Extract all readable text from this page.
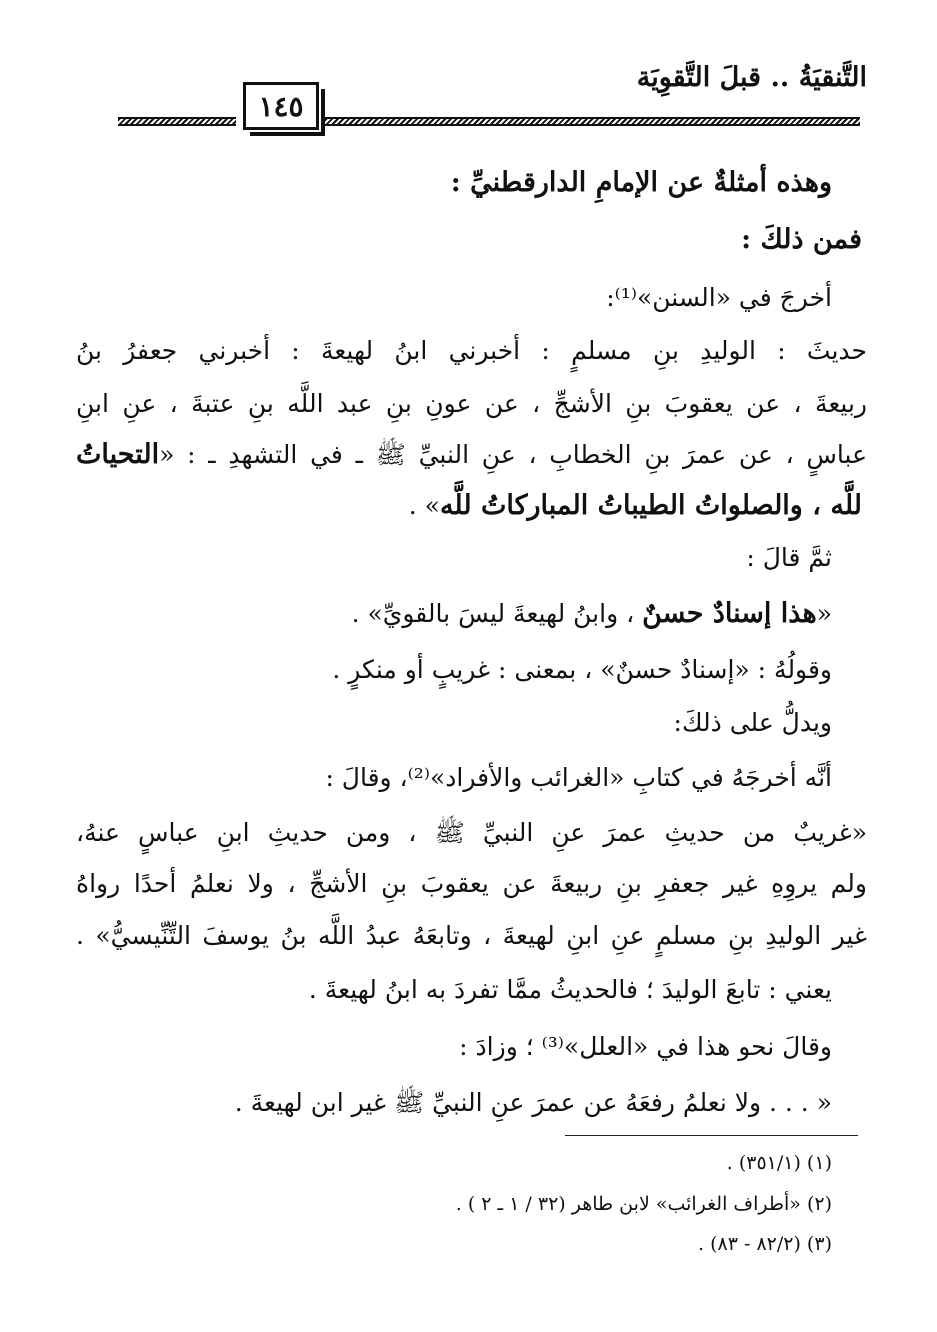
التَّنقيَةُ .. قبلَ التَّقوِيَة
١٤٥
وهذه أمثلةٌ عن الإمامِ الدارقطنيِّ :
فمن ذلكَ :
أخرجَ في «السنن»⁽¹⁾:
حديثَ : الوليدِ بنِ مسلمٍ : أخبرني ابنُ لهيعةَ : أخبرني جعفرُ بنُ
ربيعةَ ، عن يعقوبَ بنِ الأشجِّ ، عن عونِ بنِ عبد اللَّه بنِ عتبةَ ، عنِ ابنِ
عباسٍ ، عن عمرَ بنِ الخطابِ ، عنِ النبيِّ ﷺ ـ في التشهدِ ـ : «التحياتُ
للَّه ، والصلواتُ الطيباتُ المباركاتُ للَّه» .
ثمَّ قالَ :
«هذا إسنادٌ حسنٌ ، وابنُ لهيعةَ ليسَ بالقويِّ» .
وقولُهُ : «إسنادٌ حسنٌ» ، بمعنى : غريبٍ أو منكرٍ .
ويدلُّ على ذلكَ:
أنَّه أخرجَهُ في كتابِ «الغرائب والأفراد»⁽²⁾، وقالَ :
«غريبٌ من حديثِ عمرَ عنِ النبيِّ ﷺ ، ومن حديثِ ابنِ عباسٍ عنهُ،
ولم يروِهِ غير جعفرِ بنِ ربيعةَ عن يعقوبَ بنِ الأشجِّ ، ولا نعلمُ أحدًا رواهُ
غير الوليدِ بنِ مسلمٍ عنِ ابنِ لهيعةَ ، وتابعَهُ عبدُ اللَّه بنُ يوسفَ التِّنِّيسيُّ» .
يعني : تابعَ الوليدَ ؛ فالحديثُ ممَّا تفردَ به ابنُ لهيعةَ .
وقالَ نحو هذا في «العلل»⁽³⁾ ؛ وزادَ :
« . . . ولا نعلمُ رفعَهُ عن عمرَ عنِ النبيِّ ﷺ غير ابن لهيعةَ .
(١) (٣٥١/١) .
(٢) «أطراف الغرائب» لابن طاهر (٣٢ / ١ ـ ٢ ) .
(٣) (٨٢/٢ - ٨٣) .
